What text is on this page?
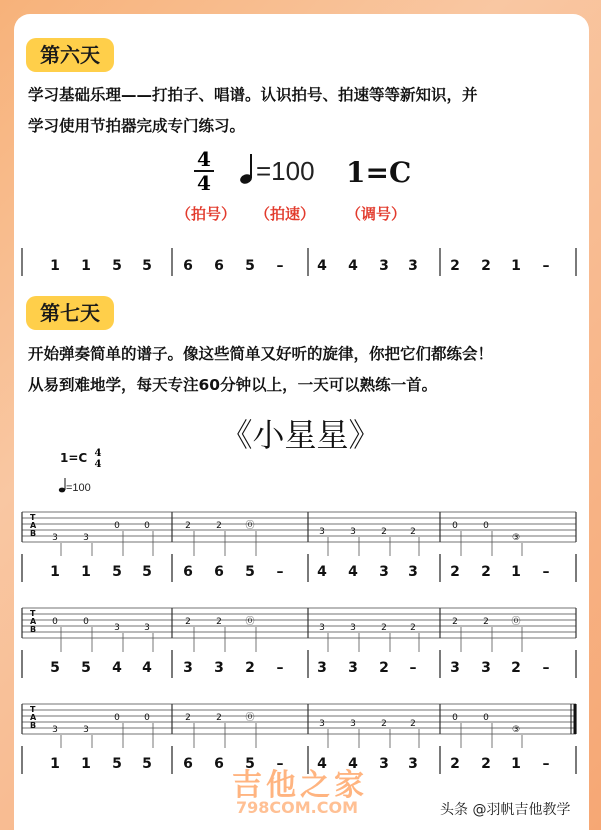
第六天

学习基础乐理——打拍子、唱谱。认识拍号、拍速等等新知识，并

学习使用节拍器完成专门练习。

4
4 =100 1=C
1 1 5 5 6 6 5 – 4 4 3 3 2 2 1 –
1=C 4
4
=100
T
A
B 3	3
0	0	2	2	⓪
3	3	2	2
0	0
③
1 1 5 5 6 6 5 – 4 4 3 3 2 2 1 –
T
A
B
0	0
3	3
2	2	⓪
3	3	2	2
2	2	⓪
5 5 4 4 3 3 2 – 3 3 2 – 3 3 2 –
T
A
B 3	3
0	0	2	2	⓪
3	3	2	2
0	0
③
1 1 5 5 6 6 5 – 4 4 3 3 2 2 1 –
（拍号） （拍速） （调号）
第七天

开始弹奏简单的谱子。像这些简单又好听的旋律，你把它们都练会！

从易到难地学，每天专注60分钟以上，一天可以熟练一首。

《小星星》
吉他之家
798COM.COM	头条 @羽帆吉他教学
